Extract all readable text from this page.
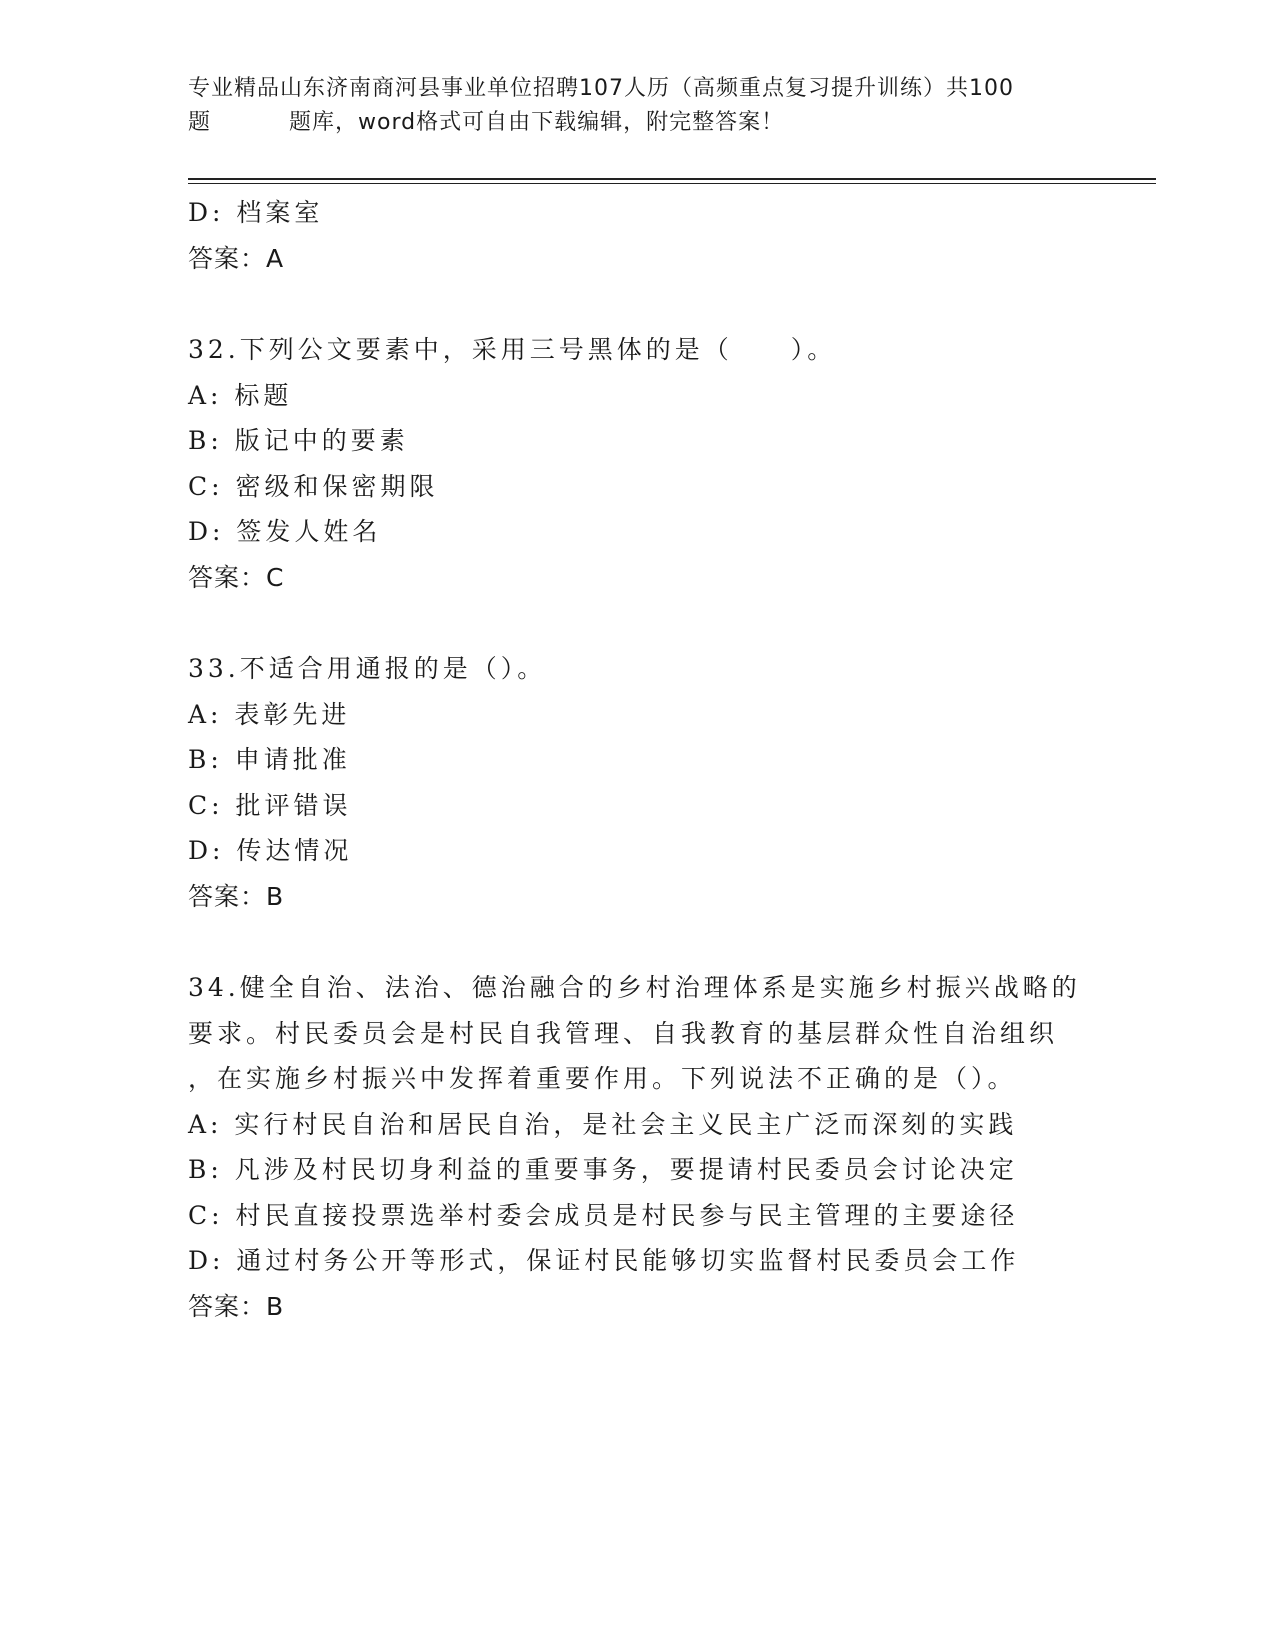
专业精品山东济南商河县事业单位招聘107人历（高频重点复习提升训练）共100
题	题库，word格式可自由下载编辑，附完整答案！
D: 档案室
答案：A
32.下列公文要素中，采用三号黑体的是（　　）。
A: 标题
B: 版记中的要素
C: 密级和保密期限
D: 签发人姓名
答案：C
33.不适合用通报的是（）。
A: 表彰先进
B: 申请批准
C: 批评错误
D: 传达情况
答案：B
34.健全自治、法治、德治融合的乡村治理体系是实施乡村振兴战略的
要求。村民委员会是村民自我管理、自我教育的基层群众性自治组织
，在实施乡村振兴中发挥着重要作用。下列说法不正确的是（）。
A: 实行村民自治和居民自治，是社会主义民主广泛而深刻的实践
B: 凡涉及村民切身利益的重要事务，要提请村民委员会讨论决定
C: 村民直接投票选举村委会成员是村民参与民主管理的主要途径
D: 通过村务公开等形式，保证村民能够切实监督村民委员会工作
答案：B
